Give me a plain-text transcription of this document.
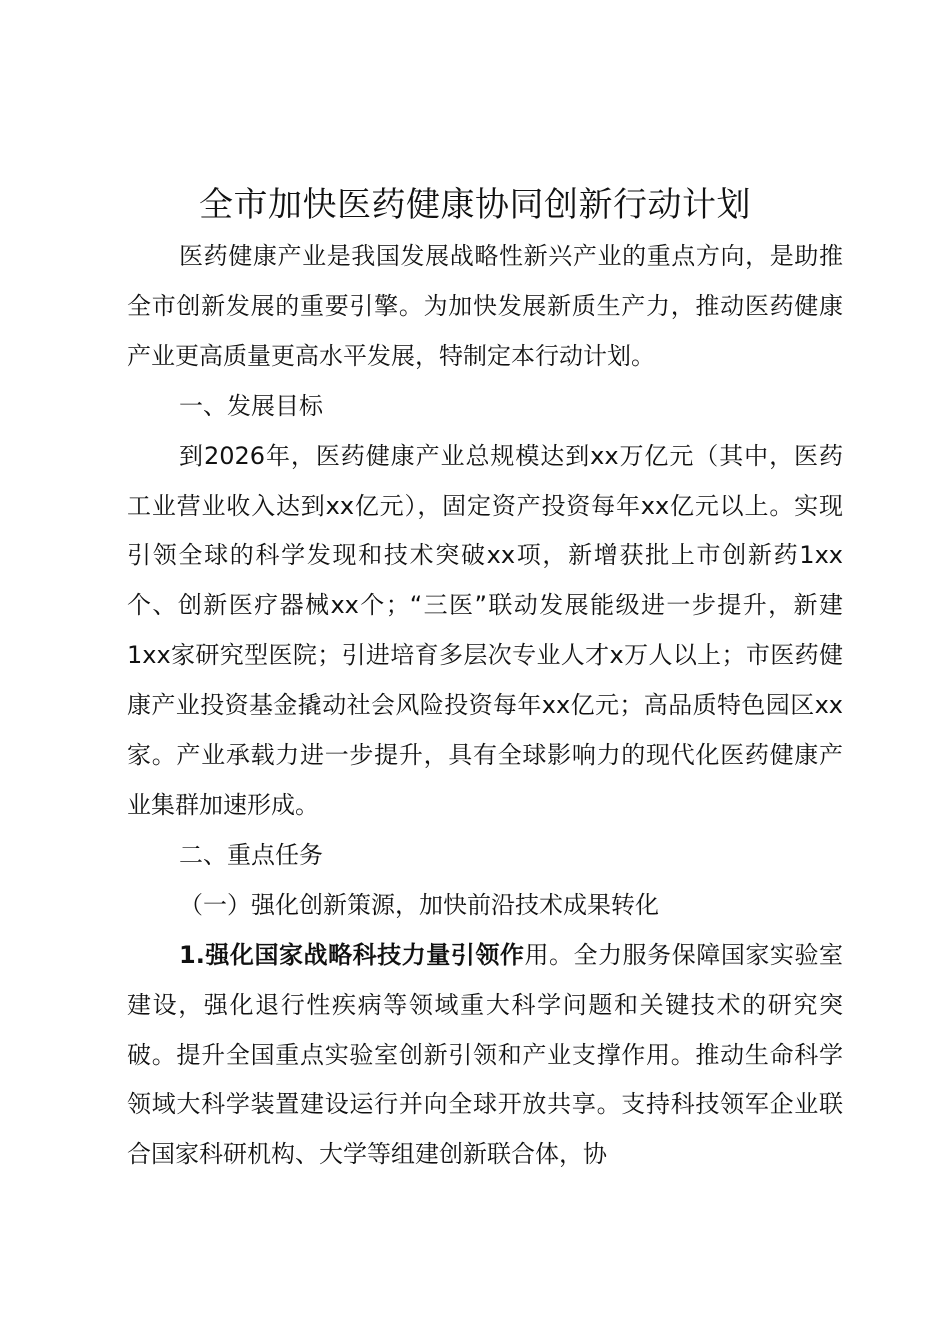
全市加快医药健康协同创新行动计划

医药健康产业是我国发展战略性新兴产业的重点方向，是助推全市创新发展的重要引擎。为加快发展新质生产力，推动医药健康产业更高质量更高水平发展，特制定本行动计划。

一、发展目标

到2026年，医药健康产业总规模达到xx万亿元（其中，医药工业营业收入达到xx亿元），固定资产投资每年xx亿元以上。实现引领全球的科学发现和技术突破xx项，新增获批上市创新药1xx个、创新医疗器械xx个；“三医”联动发展能级进一步提升，新建1xx家研究型医院；引进培育多层次专业人才x万人以上；市医药健康产业投资基金撬动社会风险投资每年xx亿元；高品质特色园区xx家。产业承载力进一步提升，具有全球影响力的现代化医药健康产业集群加速形成。

二、重点任务

（一）强化创新策源，加快前沿技术成果转化

1.强化国家战略科技力量引领作用。全力服务保障国家实验室建设，强化退行性疾病等领域重大科学问题和关键技术的研究突破。提升全国重点实验室创新引领和产业支撑作用。推动生命科学领域大科学装置建设运行并向全球开放共享。支持科技领军企业联合国家科研机构、大学等组建创新联合体，协
